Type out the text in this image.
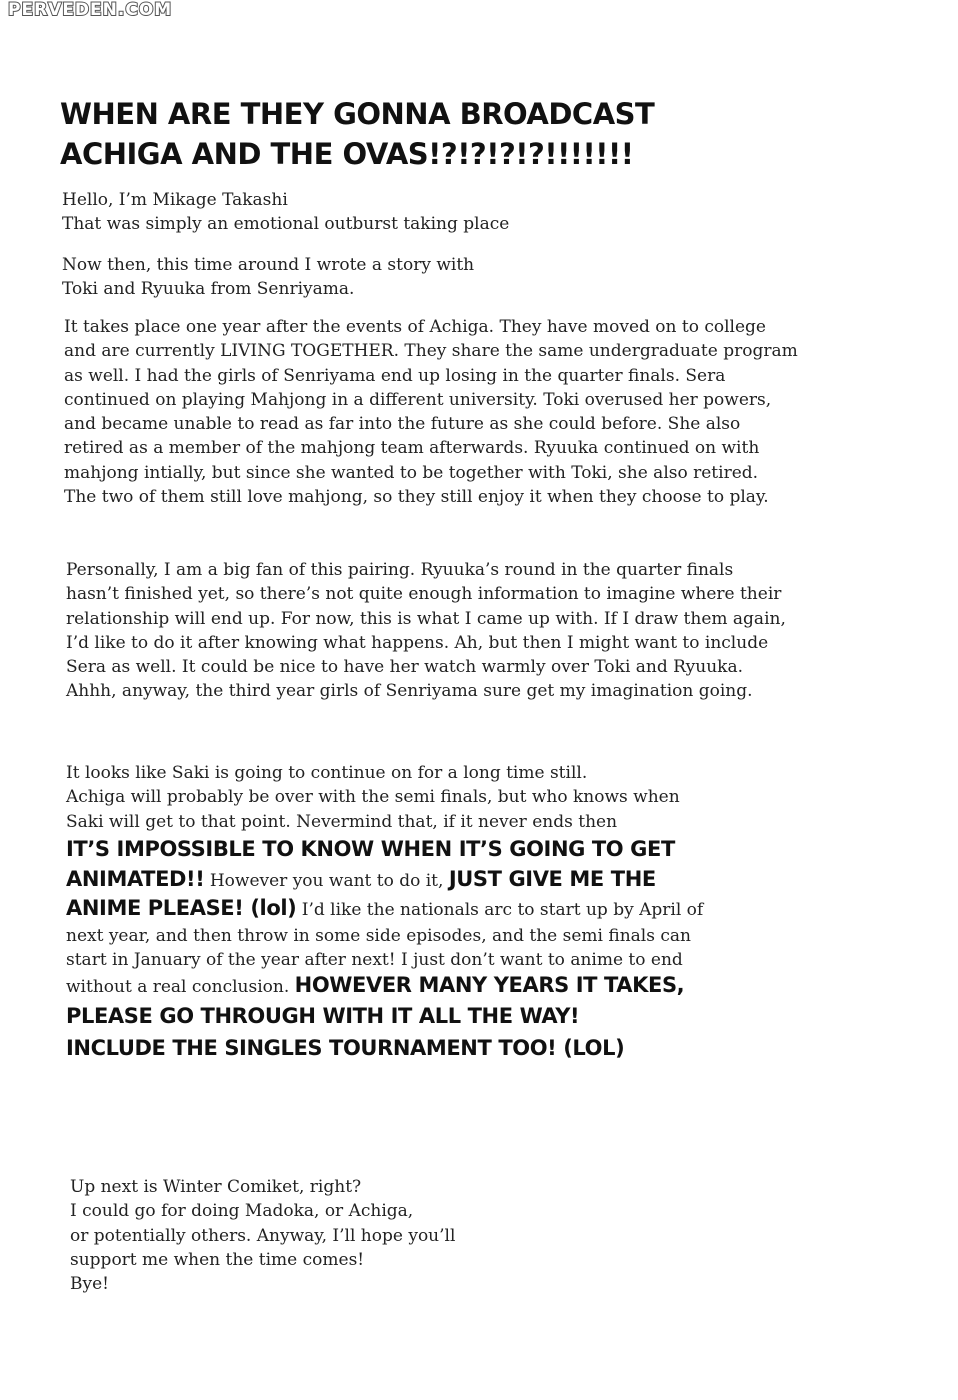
PERVEDEN.COM
WHEN ARE THEY GONNA BROADCAST
ACHIGA AND THE OVAS!?!?!?!?!!!!!!!
Hello, I’m Mikage Takashi
That was simply an emotional outburst taking place
Now then, this time around I wrote a story with
Toki and Ryuuka from Senriyama.
It takes place one year after the events of Achiga. They have moved on to college
and are currently LIVING TOGETHER. They share the same undergraduate program
as well. I had the girls of Senriyama end up losing in the quarter finals. Sera
continued on playing Mahjong in a different university. Toki overused her powers,
and became unable to read as far into the future as she could before. She also
retired as a member of the mahjong team afterwards. Ryuuka continued on with
mahjong intially, but since she wanted to be together with Toki, she also retired.
The two of them still love mahjong, so they still enjoy it when they choose to play.
Personally, I am a big fan of this pairing. Ryuuka’s round in the quarter finals
hasn’t finished yet, so there’s not quite enough information to imagine where their
relationship will end up. For now, this is what I came up with. If I draw them again,
I’d like to do it after knowing what happens. Ah, but then I might want to include
Sera as well. It could be nice to have her watch warmly over Toki and Ryuuka.
Ahhh, anyway, the third year girls of Senriyama sure get my imagination going.
It looks like Saki is going to continue on for a long time still.
Achiga will probably be over with the semi finals, but who knows when
Saki will get to that point. Nevermind that, if it never ends then
IT’S IMPOSSIBLE TO KNOW WHEN IT’S GOING TO GET
ANIMATED!! However you want to do it, JUST GIVE ME THE
ANIME PLEASE! (lol) I’d like the nationals arc to start up by April of
next year, and then throw in some side episodes, and the semi finals can
start in January of the year after next! I just don’t want to anime to end
without a real conclusion. HOWEVER MANY YEARS IT TAKES,
PLEASE GO THROUGH WITH IT ALL THE WAY!
INCLUDE THE SINGLES TOURNAMENT TOO! (LOL)
Up next is Winter Comiket, right?
I could go for doing Madoka, or Achiga,
or potentially others. Anyway, I’ll hope you’ll
support me when the time comes!
Bye!
